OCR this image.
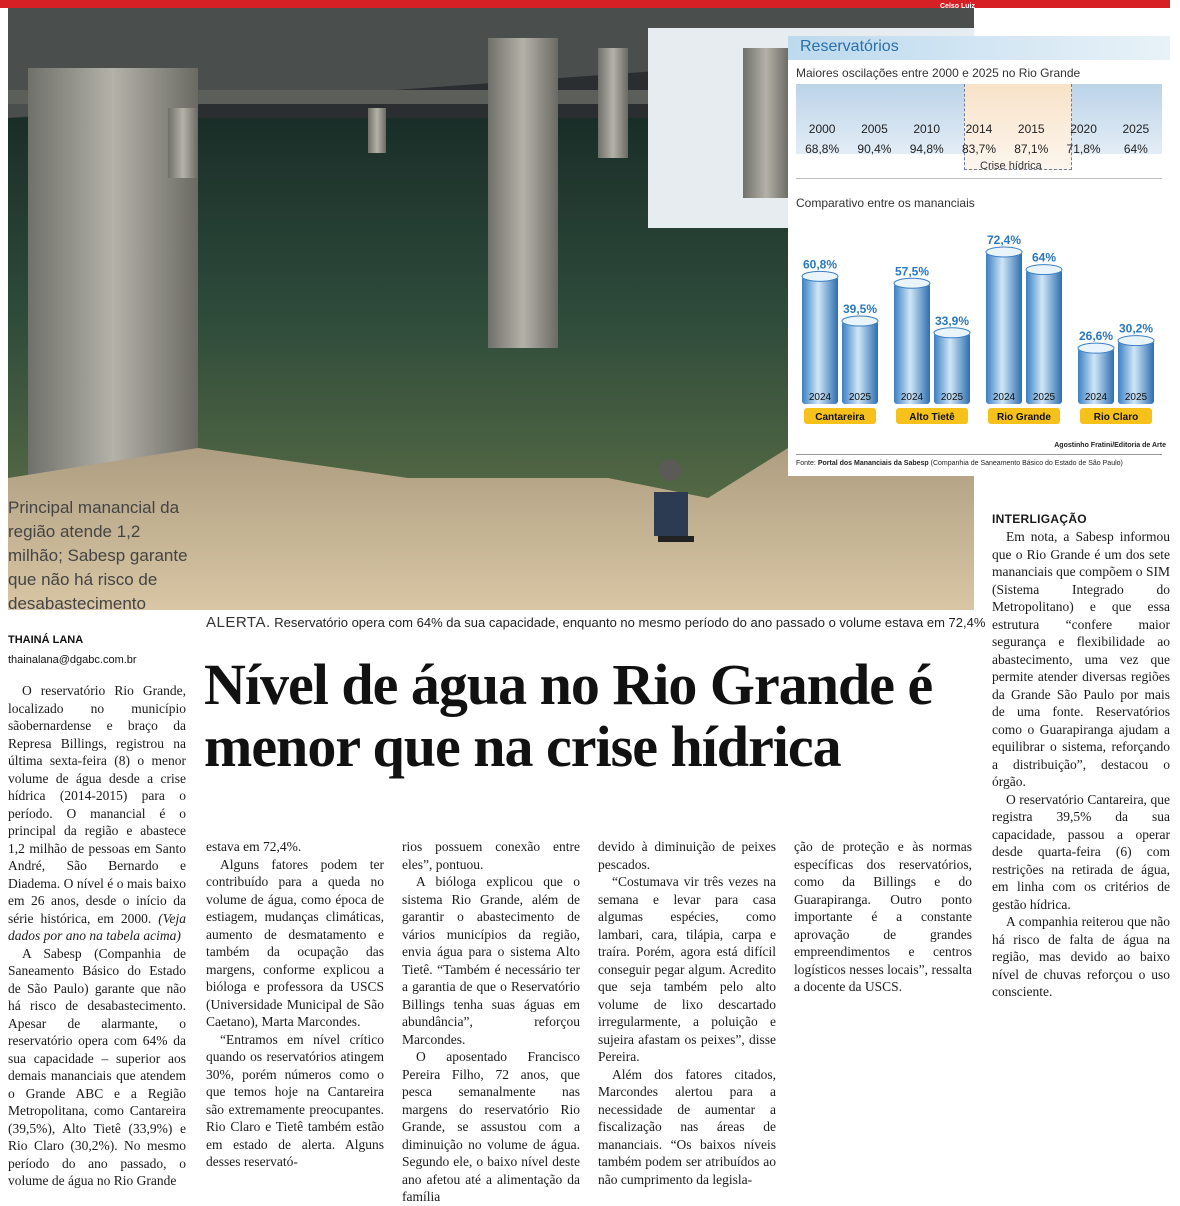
Celso Luiz
Reservatórios
Maiores oscilações entre 2000 e 2025 no Rio Grande
2000	2005	2010	2014	2015	2020	2025
68,8%	90,4%	94,8%	83,7%	87,1%	71,8%	64%
Crise hídrica
60,8%
2024
39,5%
2025
Cantareira
57,5%
2024
33,9%
2025
Alto Tietê
72,4%
2024
64%
2025
Rio Grande
26,6%
2024
30,2%
2025
Rio Claro
Comparativo entre os mananciais
Agostinho Fratini/Editoria de Arte
Fonte: Portal dos Mananciais da Sabesp (Companhia de Saneamento Básico do Estado de São Paulo)
Principal manancial da região atende 1,2 milhão; Sabesp garante que não há risco de desabastecimento
THAINÁ LANA
thainalana@dgabc.com.br
ALERTA. Reservatório opera com 64% da sua capacidade, enquanto no mesmo período do ano passado o volume estava em 72,4%
Nível de água no Rio Grande é menor que na crise hídrica

O reservatório Rio Grande, localizado no município sãobernardense e braço da Represa Billings, registrou na última sexta-feira (8) o menor volume de água desde a crise hídrica (2014-2015) para o período. O manancial é o principal da região e abastece 1,2 milhão de pessoas em Santo André, São Bernardo e Diadema. O nível é o mais baixo em 26 anos, desde o início da série histórica, em 2000. (Veja dados por ano na tabela acima)

A Sabesp (Companhia de Saneamento Básico do Estado de São Paulo) garante que não há risco de desabastecimento. Apesar de alarmante, o reservatório opera com 64% da sua capacidade – superior aos demais mananciais que atendem o Grande ABC e a Região Metropolitana, como Cantareira (39,5%), Alto Tietê (33,9%) e Rio Claro (30,2%). No mesmo período do ano passado, o volume de água no Rio Grande

estava em 72,4%.

Alguns fatores podem ter contribuído para a queda no volume de água, como época de estiagem, mudanças climáticas, aumento de desmatamento e também da ocupação das margens, conforme explicou a bióloga e professora da USCS (Universidade Municipal de São Caetano), Marta Marcondes.

“Entramos em nível crítico quando os reservatórios atingem 30%, porém números como o que temos hoje na Cantareira são extremamente preocupantes. Rio Claro e Tietê também estão em estado de alerta. Alguns desses reservató-

rios possuem conexão entre eles”, pontuou.

A bióloga explicou que o sistema Rio Grande, além de garantir o abastecimento de vários municípios da região, envia água para o sistema Alto Tietê. “Também é necessário ter a garantia de que o Reservatório Billings tenha suas águas em abundância”, reforçou Marcondes.

O aposentado Francisco Pereira Filho, 72 anos, que pesca semanalmente nas margens do reservatório Rio Grande, se assustou com a diminuição no volume de água. Segundo ele, o baixo nível deste ano afetou até a alimentação da família

devido à diminuição de peixes pescados.

“Costumava vir três vezes na semana e levar para casa algumas espécies, como lambari, cara, tilápia, carpa e traíra. Porém, agora está difícil conseguir pegar algum. Acredito que seja também pelo alto volume de lixo descartado irregularmente, a poluição e sujeira afastam os peixes”, disse Pereira.

Além dos fatores citados, Marcondes alertou para a necessidade de aumentar a fiscalização nas áreas de mananciais. “Os baixos níveis também podem ser atribuídos ao não cumprimento da legisla-

ção de proteção e às normas específicas dos reservatórios, como da Billings e do Guarapiranga. Outro ponto importante é a constante aprovação de grandes empreendimentos e centros logísticos nesses locais”, ressalta a docente da USCS.

INTERLIGAÇÃO

Em nota, a Sabesp informou que o Rio Grande é um dos sete mananciais que compõem o SIM (Sistema Integrado do Metropolitano) e que essa estrutura “confere maior segurança e flexibilidade ao abastecimento, uma vez que permite atender diversas regiões da Grande São Paulo por mais de uma fonte. Reservatórios como o Guarapiranga ajudam a equilibrar o sistema, reforçando a distribuição”, destacou o órgão.

O reservatório Cantareira, que registra 39,5% da sua capacidade, passou a operar desde quarta-feira (6) com restrições na retirada de água, em linha com os critérios de gestão hídrica.

A companhia reiterou que não há risco de falta de água na região, mas devido ao baixo nível de chuvas reforçou o uso consciente.
